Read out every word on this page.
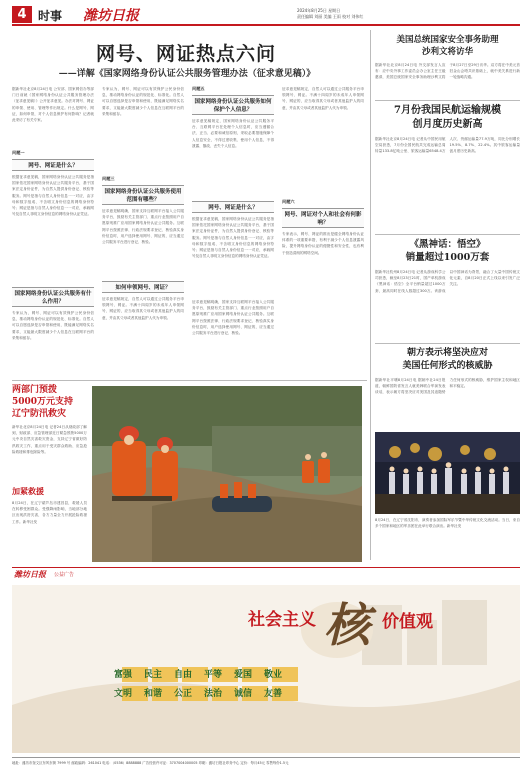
4 时事 潍坊日报	2024年8月25日 星期日
责任编辑 刘丽 美编 王雨 校对 刘伟红
网号、网证热点六问
——详解《国家网络身份认证公共服务管理办法（征求意见稿）》
据新华社北京8月24日电 公安部、国家网信办等部门日前就《国家网络身份认证公共服务管理办法（征求意见稿）》公开征求意见。办法对网号、网证的申领、使用、管理等作出规定。什么是网号、网证，如何申领，对个人信息保护有何影响？记者就此采访了有关专家。
问题一
网号、网证是什么？
根据征求意见稿，国家网络身份认证公共服务是指国家依托国家网络身份认证公共服务平台，基于国家法定身份证件，为自然人提供身份登记、核验等服务。网号是指与自然人身份信息一一对应，由字母和数字组成、不含明文身份信息的网络身份符号；网证是指与自然人身份信息一一对应，承载网号及自然人非明文身份信息的网络身份认证凭证。
国家网络身份认证公共服务有什么作用？
专家认为，网号、网证可以有效保护公民身份信息，推动网络身份认证的规范化、标准化。自然人可以自愿选择是否申领和使用，既能满足网络实名要求，又能最大限度减少个人信息在互联网平台的采集和留存。
专家认为，网号、网证可以有效保护公民身份信息，推动网络身份认证的规范化、标准化。自然人可以自愿选择是否申领和使用，既能满足网络实名要求，又能最大限度减少个人信息在互联网平台的采集和留存。
问题三
国家网络身份认证公共服务使用范围有哪些？
征求意见稿明确，国家支持互联网平台接入公共服务平台，鼓励有关主管部门、重点行业按照用户自愿原则推广应用国家网络身份认证公共服务。互联网平台按照法律、行政法规要求登记、核验真实身份信息时，用户选择使用网号、网证的，应当通过公共服务平台进行登记、核验。
如何申领网号、网证？
征求意见稿规定，自然人可以通过公共服务平台申领网号、网证。不满十四周岁的未成年人申领网号、网证的，应当取得其父母或者其他监护人的同意，并由其父母或者其他监护人代为申领。
问题五
国家网络身份认证公共服务如何保护个人信息？
征求意见稿规定，国家网络身份认证公共服务平台、互联网平台在处理个人信息时，应当遵循合法、正当、必要和诚信原则，采取必要措施保障个人信息安全，不得过度收集、使用个人信息，不得泄露、篡改、丢失个人信息。
网号、网证是什么？
根据征求意见稿，国家网络身份认证公共服务是指国家依托国家网络身份认证公共服务平台，基于国家法定身份证件，为自然人提供身份登记、核验等服务。网号是指与自然人身份信息一一对应，由字母和数字组成、不含明文身份信息的网络身份符号；网证是指与自然人身份信息一一对应，承载网号及自然人非明文身份信息的网络身份认证凭证。
征求意见稿明确，国家支持互联网平台接入公共服务平台，鼓励有关主管部门、重点行业按照用户自愿原则推广应用国家网络身份认证公共服务。互联网平台按照法律、行政法规要求登记、核验真实身份信息时，用户选择使用网号、网证的，应当通过公共服务平台进行登记、核验。
征求意见稿规定，自然人可以通过公共服务平台申领网号、网证。不满十四周岁的未成年人申领网号、网证的，应当取得其父母或者其他监护人的同意，并由其父母或者其他监护人代为申领。
问题六
网号、网证对个人和社会有何影响？
专家表示，网号、网证的推出是健全网络身份认证体系的一项重要举措，有利于减少个人信息泄露风险，提升网络身份认证的便捷性和安全性，也有利于营造清朗的网络空间。
美国总统国家安全事务助理
沙利文将访华
据新华社北京8月24日电 外交部发言人宣布：应中央外事工作委员会办公室主任王毅邀请，美国总统国家安全事务助理沙利文将于8月27日至29日访华。双方将在中美元首旧金山会晤共识基础上，就中美关系进行新一轮战略沟通。
7月份我国民航运输规模
创月度历史新高
据新华社北京8月24日电 记者从中国民用航空局获悉，7月份全国民航共完成运输总周转量133.8亿吨公里、旅客运输量6548.4万人次、货邮运输量77.9万吨，同比分别增长19.5%、8.7%、22.4%。其中旅客运输量创月度历史新高。
《黑神话：悟空》
销量超过1000万套
据新华社杭州8月24日电 记者从游戏科学公司获悉，截至8月23日21时，国产单机游戏《黑神话：悟空》全平台销量超过1000万套，最高同时在线人数超过300万。该游戏以中国神话为背景，融合了大量中国传统文化元素，自8月20日正式上线以来引发广泛关注。
朝方表示将坚决应对
美国任何形式的核威胁
据新华社平壤8月24日电 据朝中社24日报道，朝鲜国防省发言人就美韩联合军演发表谈话，表示朝方将坚决应对美国及其追随势力任何形式的核威胁，维护国家主权和地区和平稳定。
8月24日，在辽宁省沈阳市，演奏者参加国际军乐节暨中华传统文化交流活动。当日，来自多个国家和地区的军乐团在此举行联合演出。新华社发
两部门预拨
5000万元支持
辽宁防汛救灾
新华社北京8月24日电 记者24日从财政部了解到，财政部、应急管理部近日紧急预拨5000万元中央自然灾害救灾资金，支持辽宁省做好防汛救灾工作，重点用于受灾群众救助、应急抢险救援和排危除险等。
加紧救援
8月24日，在辽宁葫芦岛市建昌县，救援人员在转移受困群众。受强降雨影响，当地部分地区出现洪涝灾害，各方力量全力开展抢险救援工作。新华社发
潍坊日报 公益广告
社会主义 核 价值观
富强	民主	自由	平等	爱国	敬业
文明	和谐	公正	法治	诚信	友善
地址：潍坊市奎文区东风东街 7999 号 邮政编码：261041 电话：（0536）8888888 广告经营许可证：3707004000005 印刷：潍坊日报社印务中心 定价：每月45元 零售每份1.5元
